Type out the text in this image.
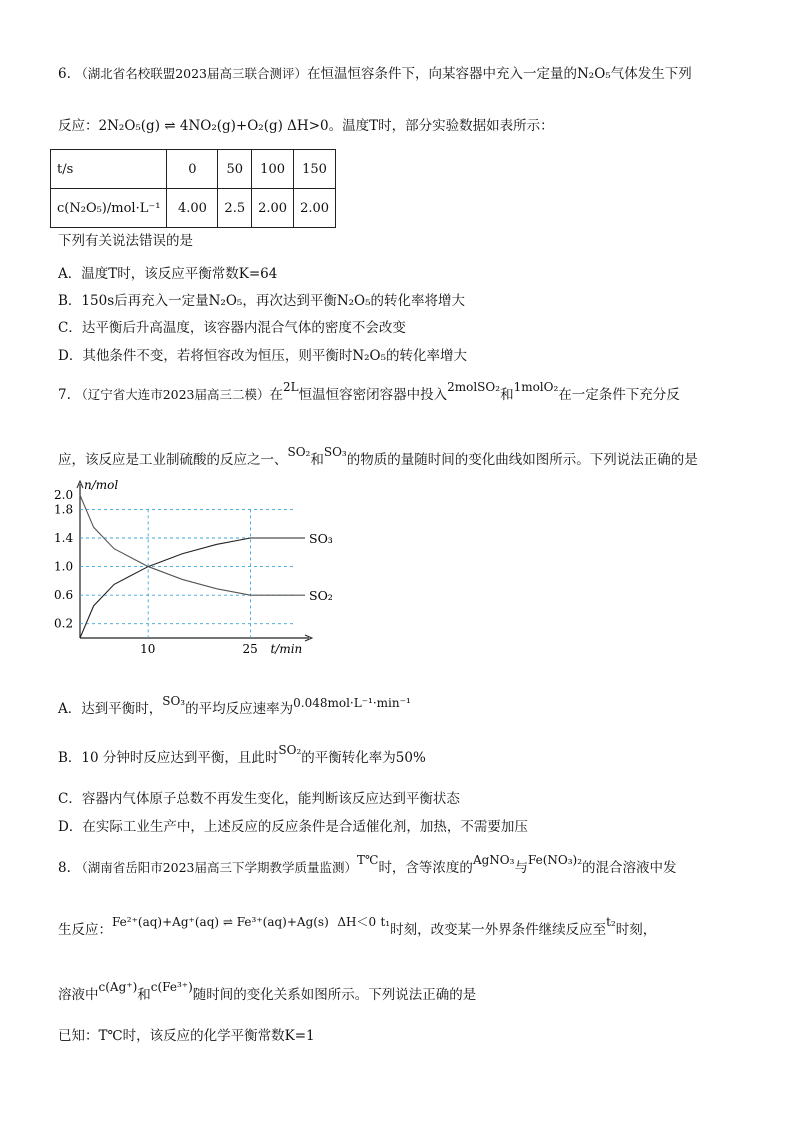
6. （湖北省名校联盟2023届高三联合测评）在恒温恒容条件下，向某容器中充入一定量的N₂O₅气体发生下列
反应：2N₂O₅(g) ⇌ 4NO₂(g)+O₂(g) ΔH>0。温度T时，部分实验数据如表所示：
t/s	0	50	100	150
c(N₂O₅)/mol·L⁻¹	4.00	2.5	2.00	2.00
下列有关说法错误的是
A．温度T时，该反应平衡常数K=64
B．150s后再充入一定量N₂O₅，再次达到平衡N₂O₅的转化率将增大
C．达平衡后升高温度，该容器内混合气体的密度不会改变
D．其他条件不变，若将恒容改为恒压，则平衡时N₂O₅的转化率增大
7. （辽宁省大连市2023届高三二模）在2L恒温恒容密闭容器中投入2molSO₂和1molO₂在一定条件下充分反
应，该反应是工业制硫酸的反应之一、SO₂和SO₃的物质的量随时间的变化曲线如图所示。下列说法正确的是
2.0
1.8
1.4
1.0
0.6
0.2
10	25
n/mol
t/min
SO₃
SO₂
A．达到平衡时，SO₃的平均反应速率为0.048mol·L⁻¹·min⁻¹
B．10 分钟时反应达到平衡，且此时SO₂的平衡转化率为50%
C．容器内气体原子总数不再发生变化，能判断该反应达到平衡状态
D．在实际工业生产中，上述反应的反应条件是合适催化剂，加热，不需要加压
8. （湖南省岳阳市2023届高三下学期教学质量监测）T℃时，含等浓度的AgNO₃与Fe(NO₃)₂的混合溶液中发
生反应：Fe²⁺(aq)+Ag⁺(aq) ⇌ Fe³⁺(aq)+Ag(s) ΔH＜0 t₁时刻，改变某一外界条件继续反应至t₂时刻，
溶液中c(Ag⁺)和c(Fe³⁺)随时间的变化关系如图所示。下列说法正确的是
已知：T℃时，该反应的化学平衡常数K=1
